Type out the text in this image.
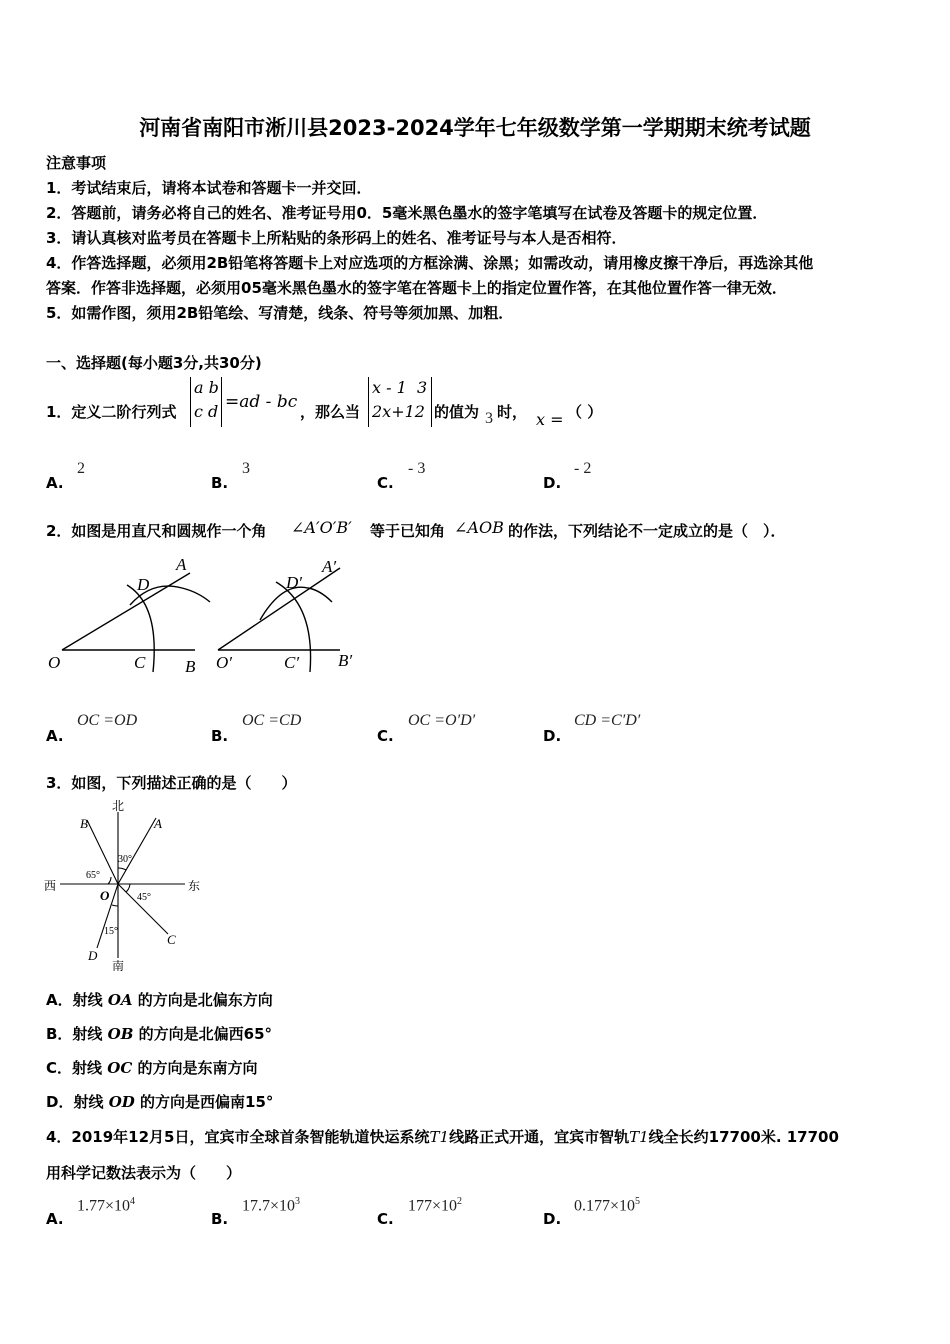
河南省南阳市淅川县2023-2024学年七年级数学第一学期期末统考试题
注意事项
1．考试结束后，请将本试卷和答题卡一并交回．
2．答题前，请务必将自己的姓名、准考证号用0．5毫米黑色墨水的签字笔填写在试卷及答题卡的规定位置．
3．请认真核对监考员在答题卡上所粘贴的条形码上的姓名、准考证号与本人是否相符．
4．作答选择题，必须用2B铅笔将答题卡上对应选项的方框涂满、涂黑；如需改动，请用橡皮擦干净后，再选涂其他
答案．作答非选择题，必须用05毫米黑色墨水的签字笔在答题卡上的指定位置作答，在其他位置作答一律无效．
5．如需作图，须用2B铅笔绘、写清楚，线条、符号等须加黑、加粗．
一、选择题(每小题3分,共30分)
1．定义二阶行列式
a b
c d =ad - bc ，那么当
x - 1  3
2x+12 的值为 3 时， x = （ ）
A.
2
B.
3
C.
- 3
D.
- 2
2．如图是用直尺和圆规作一个角 ∠A′O′B′ 等于已知角 ∠AOB 的作法，下列结论不一定成立的是（　）．
O
A
B
C
D
O′
A′
B′
C′
D′
A.
OC =OD
B.
OC =CD
C.
OC =O′D′
D.
CD =C′D′
3．如图，下列描述正确的是（　　）
北
南
西	东
30°
65°
45°
15°
O
A
B
C
D
A．射线 OA 的方向是北偏东方向
B．射线 OB 的方向是北偏西65°
C．射线 OC 的方向是东南方向
D．射线 OD 的方向是西偏南15°
4．2019年12月5日，宜宾市全球首条智能轨道快运系统T1线路正式开通，宜宾市智轨T1线全长约17700米. 17700
用科学记数法表示为（　　）
A.
$1.77\times 10^4$
B.
$17.7\times 10^3$
C.
$177\times 10^2$
D.
$0.177\times 10^5$
